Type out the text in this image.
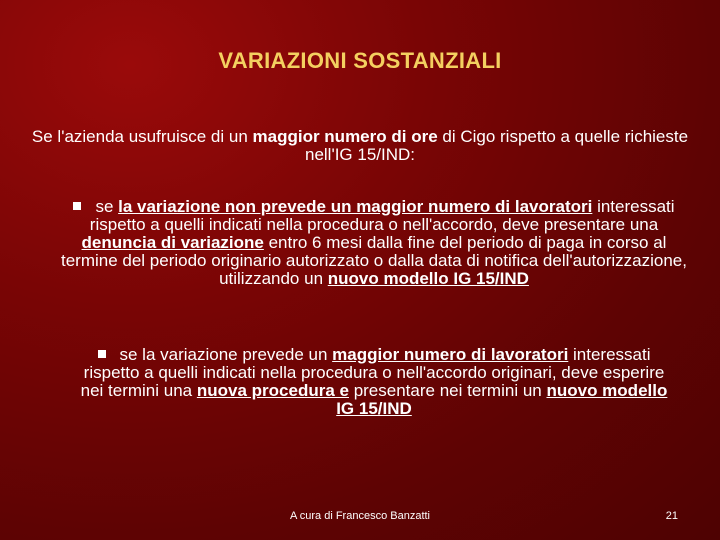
VARIAZIONI SOSTANZIALI
Se l'azienda usufruisce di un maggior numero di ore di Cigo rispetto a quelle richieste nell'IG 15/IND:
se la variazione non prevede un maggior numero di lavoratori interessati rispetto a quelli indicati nella procedura o nell'accordo, deve presentare una denuncia di variazione entro 6 mesi dalla fine del periodo di paga in corso al termine del periodo originario autorizzato o dalla data di notifica dell'autorizzazione, utilizzando un nuovo modello IG 15/IND
se la variazione prevede un maggior numero di lavoratori interessati rispetto a quelli indicati nella procedura o nell'accordo originari, deve esperire nei termini una nuova procedura e presentare nei termini un nuovo modello IG 15/IND
A cura di Francesco Banzatti	21
